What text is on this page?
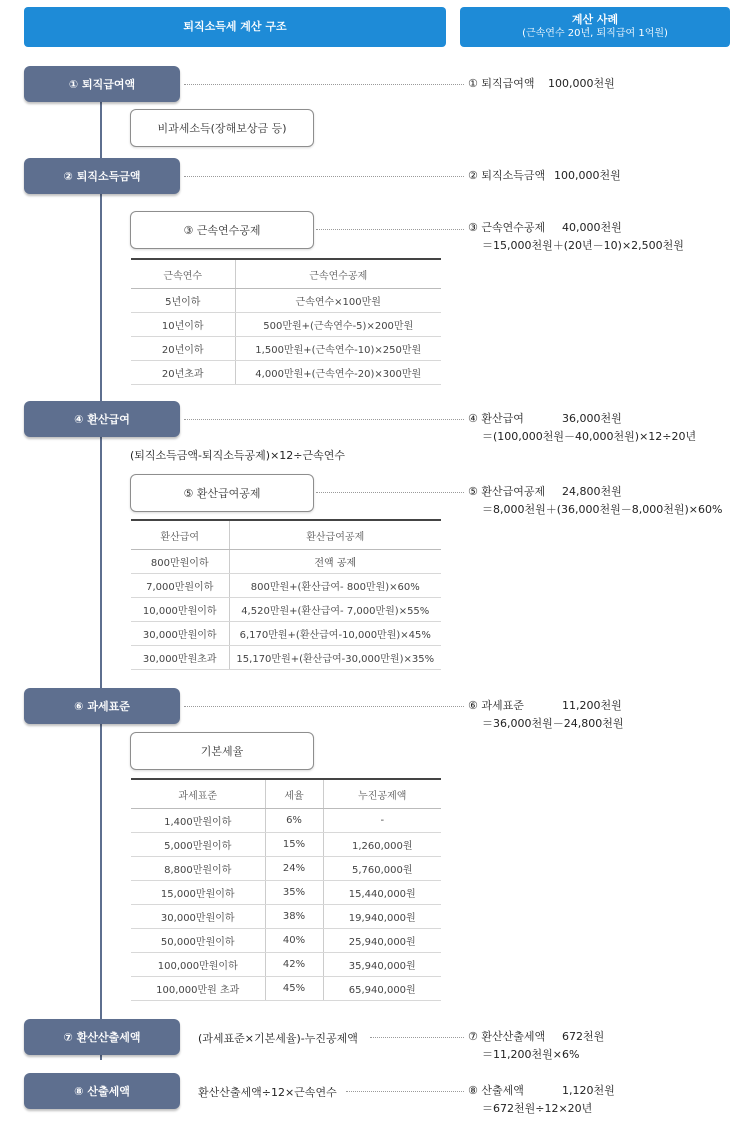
퇴직소득세 계산 구조
계산 사례
(근속연수 20년, 퇴직급여 1억원)
① 퇴직급여액
② 퇴직소득금액
④ 환산급여
⑥ 과세표준
⑦ 환산산출세액
⑧ 산출세액
비과세소득(장해보상금 등)
③ 근속연수공제
⑤ 환산급여공제
기본세율
(퇴직소득금액-퇴직소득공제)×12÷근속연수
(과세표준×기본세율)-누진공제액
환산산출세액÷12×근속연수
근속연수	근속연수공제
5년이하	근속연수×100만원
10년이하	500만원+(근속연수-5)×200만원
20년이하	1,500만원+(근속연수-10)×250만원
20년초과	4,000만원+(근속연수-20)×300만원
환산급여	환산급여공제
800만원이하	전액 공제
7,000만원이하	800만원+(환산급여- 800만원)×60%
10,000만원이하	4,520만원+(환산급여- 7,000만원)×55%
30,000만원이하	6,170만원+(환산급여-10,000만원)×45%
30,000만원초과	15,170만원+(환산급여-30,000만원)×35%
과세표준	세율	누진공제액
1,400만원이하	6%	-
5,000만원이하	15%	1,260,000원
8,800만원이하	24%	5,760,000원
15,000만원이하	35%	15,440,000원
30,000만원이하	38%	19,940,000원
50,000만원이하	40%	25,940,000원
100,000만원이하	42%	35,940,000원
100,000만원 초과	45%	65,940,000원
① 퇴직급여액 100,000천원
② 퇴직소득금액 100,000천원
③ 근속연수공제 40,000천원
＝15,000천원＋(20년－10)×2,500천원
④ 환산급여	36,000천원
＝(100,000천원－40,000천원)×12÷20년
⑤ 환산급여공제 24,800천원
＝8,000천원＋(36,000천원－8,000천원)×60%
⑥ 과세표준	11,200천원
＝36,000천원－24,800천원
⑦ 환산산출세액 672천원
＝11,200천원×6%
⑧ 산출세액	1,120천원
＝672천원÷12×20년
